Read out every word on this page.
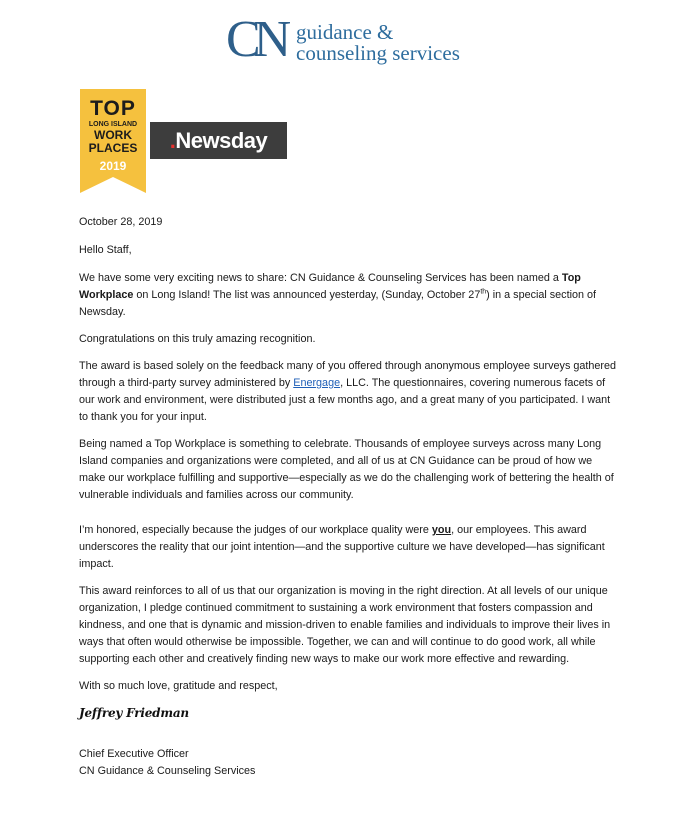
CN guidance &
counseling services
TOP
LONG ISLAND
WORK
PLACES
2019
.Newsday

October 28, 2019

Hello Staff,

We have some very exciting news to share: CN Guidance & Counseling Services has been named a Top Workplace on Long Island! The list was announced yesterday, (Sunday, October 27th) in a special section of Newsday.

Congratulations on this truly amazing recognition.

The award is based solely on the feedback many of you offered through anonymous employee surveys gathered through a third-party survey administered by Energage, LLC. The questionnaires, covering numerous facets of our work and environment, were distributed just a few months ago, and a great many of you participated. I want to thank you for your input.

Being named a Top Workplace is something to celebrate. Thousands of employee surveys across many Long Island companies and organizations were completed, and all of us at CN Guidance can be proud of how we make our workplace fulfilling and supportive—especially as we do the challenging work of bettering the health of vulnerable individuals and families across our community.

I’m honored, especially because the judges of our workplace quality were you, our employees. This award underscores the reality that our joint intention—and the supportive culture we have developed—has significant impact.

This award reinforces to all of us that our organization is moving in the right direction. At all levels of our unique organization, I pledge continued commitment to sustaining a work environment that fosters compassion and kindness, and one that is dynamic and mission-driven to enable families and individuals to improve their lives in ways that often would otherwise be impossible. Together, we can and will continue to do good work, all while supporting each other and creatively finding new ways to make our work more effective and rewarding.

With so much love, gratitude and respect,

Jeffrey Friedman

Chief Executive Officer

CN Guidance & Counseling Services
